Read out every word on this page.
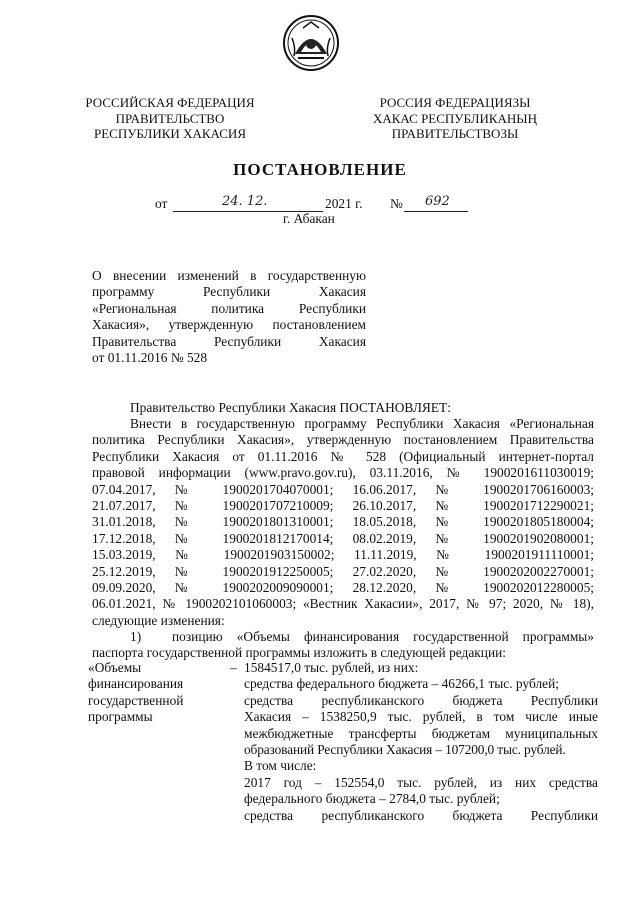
РОССИЙСКАЯ ФЕДЕРАЦИЯ
ПРАВИТЕЛЬСТВО
РЕСПУБЛИКИ ХАКАСИЯ
РОССИЯ ФЕДЕРАЦИЯЗЫ
ХАКАС РЕСПУБЛИКАНЫҢ
ПРАВИТЕЛЬСТВОЗЫ
ПОСТАНОВЛЕНИЕ
от	24. 12.	2021 г. № 692
г. Абакан
О внесении изменений в государственную
программу Республики Хакасия
«Региональная политика Республики
Хакасия», утвержденную постановлением
Правительства Республики Хакасия
от 01.11.2016 № 528
Правительство Республики Хакасия ПОСТАНОВЛЯЕТ:
Внести в государственную программу Республики Хакасия «Региональная
политика Республики Хакасия», утвержденную постановлением Правительства
Республики Хакасия от 01.11.2016 № 528 (Официальный интернет-портал
правовой информации (www.pravo.gov.ru), 03.11.2016, № 1900201611030019;
07.04.2017, № 1900201704070001; 16.06.2017, № 1900201706160003;
21.07.2017, № 1900201707210009; 26.10.2017, № 1900201712290021;
31.01.2018, № 1900201801310001; 18.05.2018, № 1900201805180004;
17.12.2018, № 1900201812170014; 08.02.2019, № 1900201902080001;
15.03.2019, № 1900201903150002; 11.11.2019, № 1900201911110001;
25.12.2019, № 1900201912250005; 27.02.2020, № 1900202002270001;
09.09.2020, № 1900202009090001; 28.12.2020, № 1900202012280005;
06.01.2021, № 1900202101060003; «Вестник Хакасии», 2017, № 97; 2020, № 18),
следующие изменения:
1) позицию «Объемы финансирования государственной программы»
паспорта государственной программы изложить в следующей редакции:
«Объемы
финансирования
государственной
программы
– 1584517,0 тыс. рублей, из них:
средства федерального бюджета – 46266,1 тыс. рублей;
средства республиканского бюджета Республики
Хакасия – 1538250,9 тыс. рублей, в том числе иные
межбюджетные трансферты бюджетам муниципальных
образований Республики Хакасия – 107200,0 тыс. рублей.
В том числе:
2017 год – 152554,0 тыс. рублей, из них средства
федерального бюджета – 2784,0 тыс. рублей;
средства республиканского бюджета Республики
